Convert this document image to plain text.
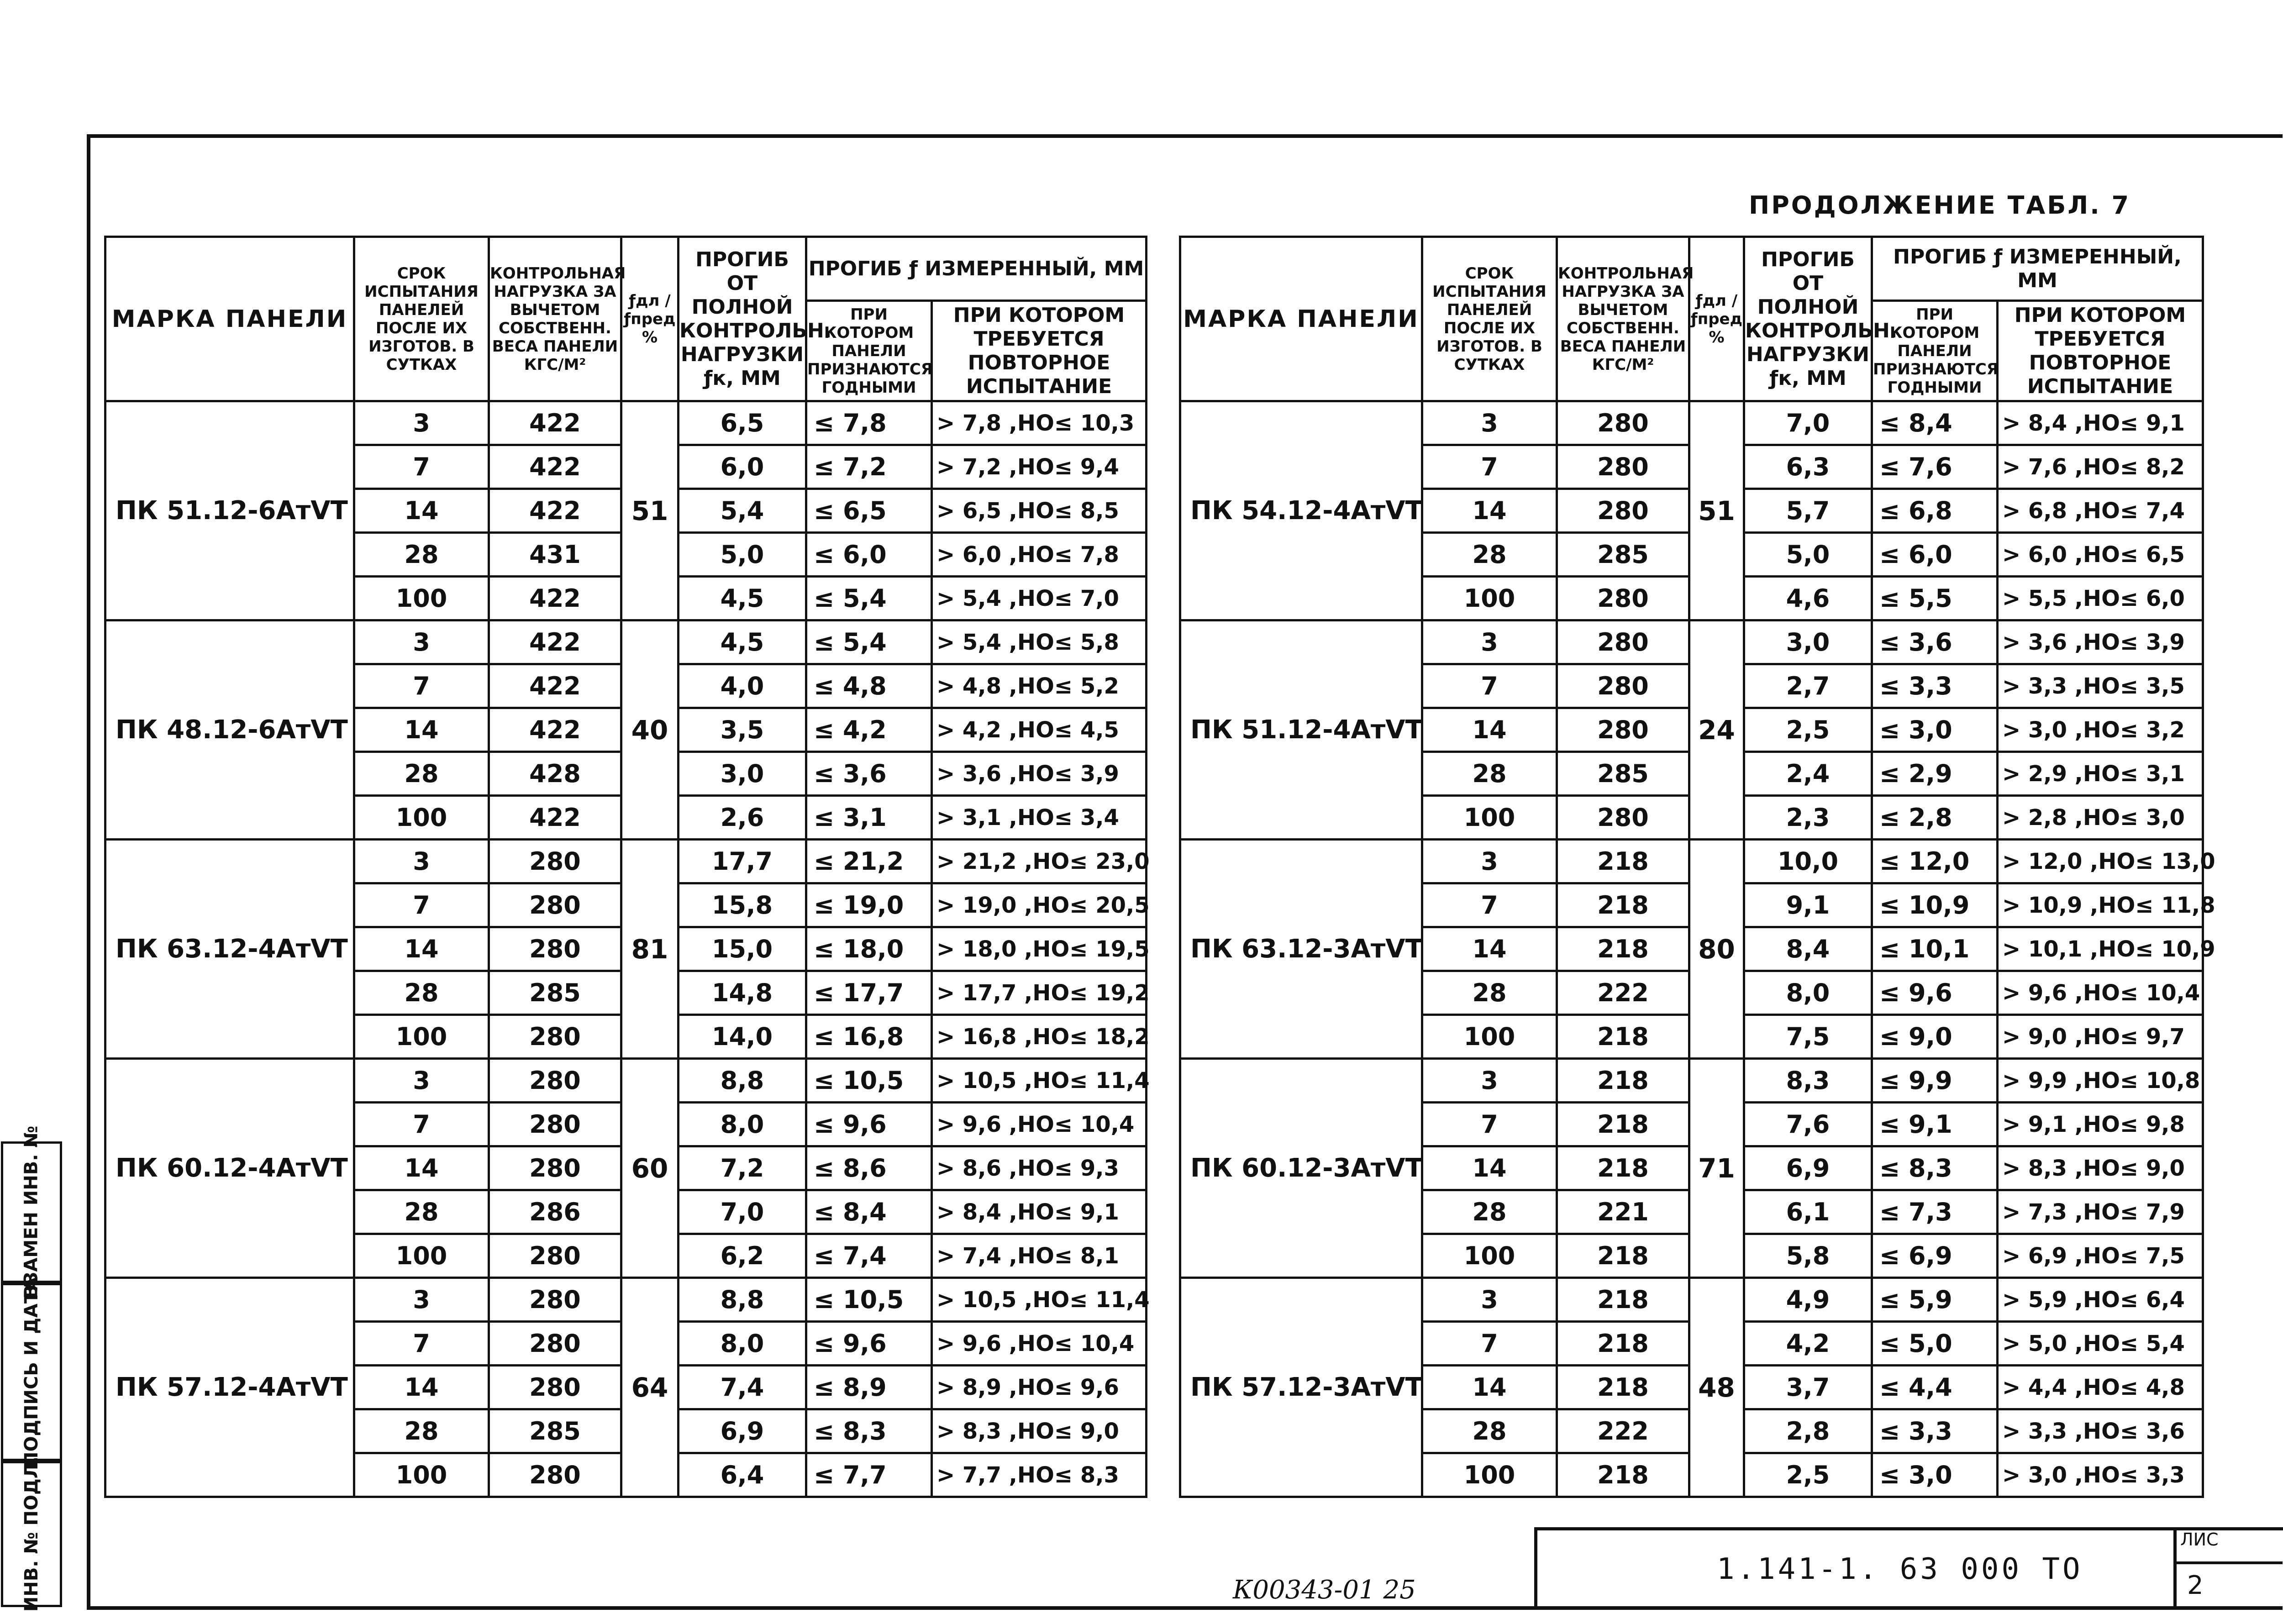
ПРОДОЛЖЕНИЕ ТАБЛ. 7
МАРКА ПАНЕЛИ	СРОК ИСПЫТАНИЯ ПАНЕЛЕЙ ПОСЛЕ ИХ ИЗГОТОВ. В СУТКАХ	КОНТРОЛЬНАЯ НАГРУЗКА ЗА ВЫЧЕТОМ СОБСТВЕНН. ВЕСА ПАНЕЛИ КГС/М²	ƒдл / ƒпред %	ПРОГИБ ОТ ПОЛНОЙ КОНТРОЛЬН. НАГРУЗКИ ƒк, ММ	ПРОГИБ ƒ ИЗМЕРЕННЫЙ, ММ	
					ПРИ КОТОРОМ ПАНЕЛИ ПРИЗНАЮТСЯ ГОДНЫМИ	ПРИ КОТОРОМ ТРЕБУЕТСЯ ПОВТОРНОЕ ИСПЫТАНИЕ
ПК 51.12-6АтⅤТ	3	422	51	6,5	≤ 7,8	> 7,8 ,НО≤ 10,3
	7	422		6,0	≤ 7,2	> 7,2 ,НО≤ 9,4
	14	422		5,4	≤ 6,5	> 6,5 ,НО≤ 8,5
	28	431		5,0	≤ 6,0	> 6,0 ,НО≤ 7,8
	100	422		4,5	≤ 5,4	> 5,4 ,НО≤ 7,0
ПК 48.12-6АтⅤТ	3	422	40	4,5	≤ 5,4	> 5,4 ,НО≤ 5,8
	7	422		4,0	≤ 4,8	> 4,8 ,НО≤ 5,2
	14	422		3,5	≤ 4,2	> 4,2 ,НО≤ 4,5
	28	428		3,0	≤ 3,6	> 3,6 ,НО≤ 3,9
	100	422		2,6	≤ 3,1	> 3,1 ,НО≤ 3,4
ПК 63.12-4АтⅤТ	3	280	81	17,7	≤ 21,2	> 21,2 ,НО≤ 23,0
	7	280		15,8	≤ 19,0	> 19,0 ,НО≤ 20,5
	14	280		15,0	≤ 18,0	> 18,0 ,НО≤ 19,5
	28	285		14,8	≤ 17,7	> 17,7 ,НО≤ 19,2
	100	280		14,0	≤ 16,8	> 16,8 ,НО≤ 18,2
ПК 60.12-4АтⅤТ	3	280	60	8,8	≤ 10,5	> 10,5 ,НО≤ 11,4
	7	280		8,0	≤ 9,6	> 9,6 ,НО≤ 10,4
	14	280		7,2	≤ 8,6	> 8,6 ,НО≤ 9,3
	28	286		7,0	≤ 8,4	> 8,4 ,НО≤ 9,1
	100	280		6,2	≤ 7,4	> 7,4 ,НО≤ 8,1
ПК 57.12-4АтⅤТ	3	280	64	8,8	≤ 10,5	> 10,5 ,НО≤ 11,4
	7	280		8,0	≤ 9,6	> 9,6 ,НО≤ 10,4
	14	280		7,4	≤ 8,9	> 8,9 ,НО≤ 9,6
	28	285		6,9	≤ 8,3	> 8,3 ,НО≤ 9,0
	100	280		6,4	≤ 7,7	> 7,7 ,НО≤ 8,3
МАРКА ПАНЕЛИ	СРОК ИСПЫТАНИЯ ПАНЕЛЕЙ ПОСЛЕ ИХ ИЗГОТОВ. В СУТКАХ	КОНТРОЛЬНАЯ НАГРУЗКА ЗА ВЫЧЕТОМ СОБСТВЕНН. ВЕСА ПАНЕЛИ КГС/М²	ƒдл / ƒпред %	ПРОГИБ ОТ ПОЛНОЙ КОНТРОЛЬН. НАГРУЗКИ ƒк, ММ	ПРОГИБ ƒ ИЗМЕРЕННЫЙ, ММ	
					ПРИ КОТОРОМ ПАНЕЛИ ПРИЗНАЮТСЯ ГОДНЫМИ	ПРИ КОТОРОМ ТРЕБУЕТСЯ ПОВТОРНОЕ ИСПЫТАНИЕ
ПК 54.12-4АтⅤТ	3	280	51	7,0	≤ 8,4	> 8,4 ,НО≤ 9,1
	7	280		6,3	≤ 7,6	> 7,6 ,НО≤ 8,2
	14	280		5,7	≤ 6,8	> 6,8 ,НО≤ 7,4
	28	285		5,0	≤ 6,0	> 6,0 ,НО≤ 6,5
	100	280		4,6	≤ 5,5	> 5,5 ,НО≤ 6,0
ПК 51.12-4АтⅤТ	3	280	24	3,0	≤ 3,6	> 3,6 ,НО≤ 3,9
	7	280		2,7	≤ 3,3	> 3,3 ,НО≤ 3,5
	14	280		2,5	≤ 3,0	> 3,0 ,НО≤ 3,2
	28	285		2,4	≤ 2,9	> 2,9 ,НО≤ 3,1
	100	280		2,3	≤ 2,8	> 2,8 ,НО≤ 3,0
ПК 63.12-3АтⅤТ	3	218	80	10,0	≤ 12,0	> 12,0 ,НО≤ 13,0
	7	218		9,1	≤ 10,9	> 10,9 ,НО≤ 11,8
	14	218		8,4	≤ 10,1	> 10,1 ,НО≤ 10,9
	28	222		8,0	≤ 9,6	> 9,6 ,НО≤ 10,4
	100	218		7,5	≤ 9,0	> 9,0 ,НО≤ 9,7
ПК 60.12-3АтⅤТ	3	218	71	8,3	≤ 9,9	> 9,9 ,НО≤ 10,8
	7	218		7,6	≤ 9,1	> 9,1 ,НО≤ 9,8
	14	218		6,9	≤ 8,3	> 8,3 ,НО≤ 9,0
	28	221		6,1	≤ 7,3	> 7,3 ,НО≤ 7,9
	100	218		5,8	≤ 6,9	> 6,9 ,НО≤ 7,5
ПК 57.12-3АтⅤТ	3	218	48	4,9	≤ 5,9	> 5,9 ,НО≤ 6,4
	7	218		4,2	≤ 5,0	> 5,0 ,НО≤ 5,4
	14	218		3,7	≤ 4,4	> 4,4 ,НО≤ 4,8
	28	222		2,8	≤ 3,3	> 3,3 ,НО≤ 3,6
	100	218		2,5	≤ 3,0	> 3,0 ,НО≤ 3,3
ВЗАМЕН ИНВ. №
ПОДПИСЬ И ДАТА
ИНВ. № ПОДЛ.	1.141-1. 63 000 ТО
ЛИС
2
К00343-01 25
